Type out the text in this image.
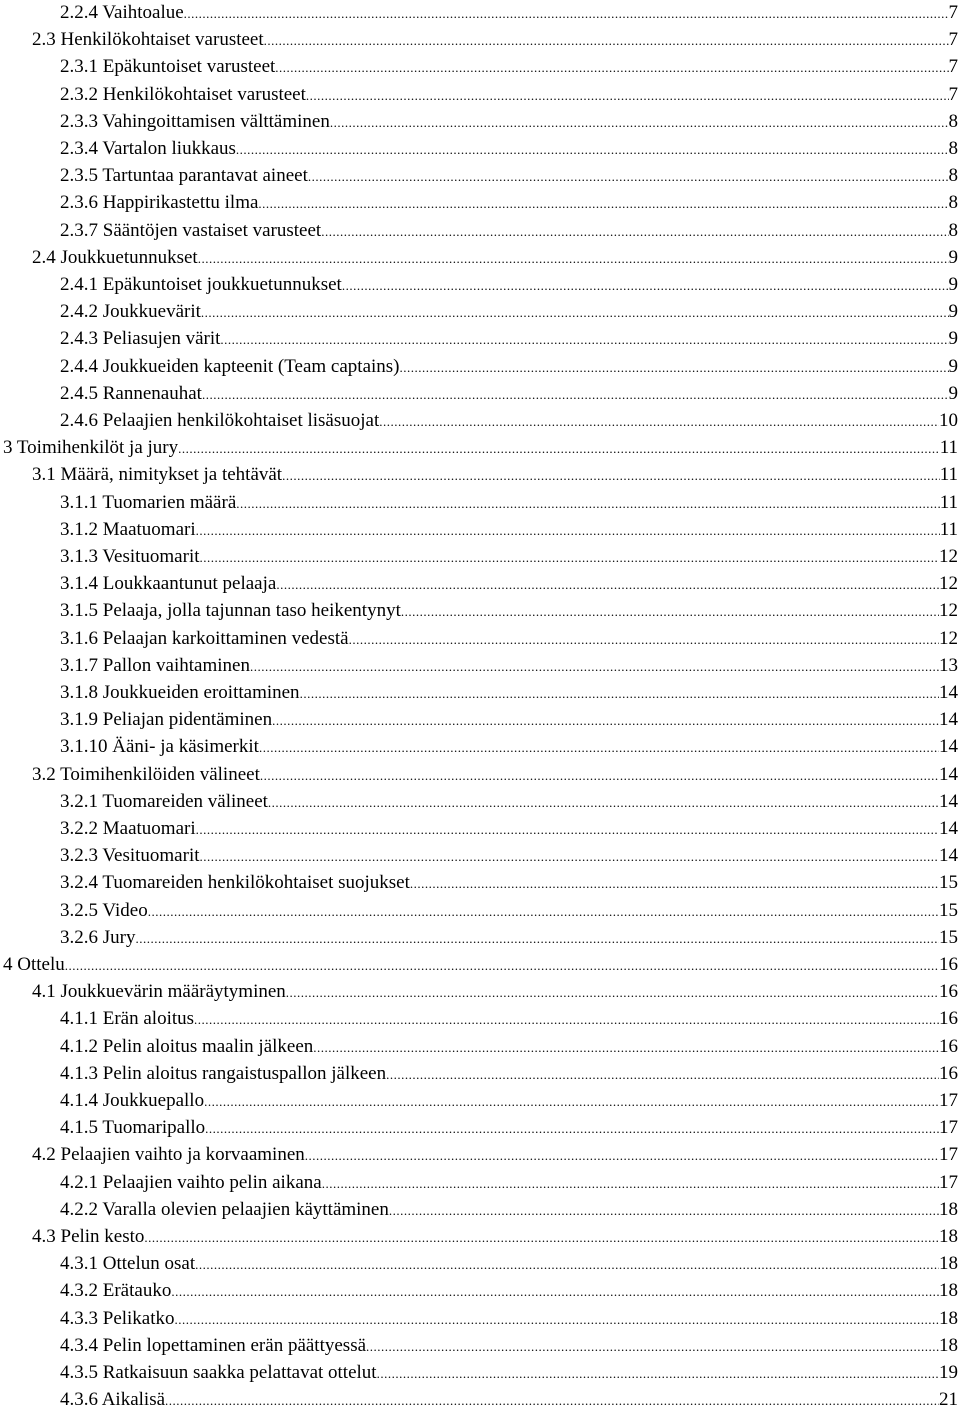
2.2.4 Vaihtoalue .....	7
2.3 Henkilökohtaiset varusteet .....	7
2.3.1 Epäkuntoiset varusteet .....	7
2.3.2 Henkilökohtaiset varusteet .....	7
2.3.3 Vahingoittamisen välttäminen .....	8
2.3.4 Vartalon liukkaus .....	8
2.3.5 Tartuntaa parantavat aineet .....	8
2.3.6 Happirikastettu ilma .....	8
2.3.7 Sääntöjen vastaiset varusteet .....	8
2.4 Joukkuetunnukset .....	9
2.4.1 Epäkuntoiset joukkuetunnukset .....	9
2.4.2 Joukkuevärit .....	9
2.4.3 Peliasujen värit .....	9
2.4.4 Joukkueiden kapteenit (Team captains) .....	9
2.4.5 Rannenauhat .....	9
2.4.6 Pelaajien henkilökohtaiset lisäsuojat .....	10
3 Toimihenkilöt ja jury .....	11
3.1 Määrä, nimitykset ja tehtävät .....	11
3.1.1 Tuomarien määrä .....	11
3.1.2 Maatuomari .....	11
3.1.3 Vesituomarit .....	12
3.1.4 Loukkaantunut pelaaja .....	12
3.1.5 Pelaaja, jolla tajunnan taso heikentynyt .....	12
3.1.6 Pelaajan karkoittaminen vedestä .....	12
3.1.7 Pallon vaihtaminen .....	13
3.1.8 Joukkueiden eroittaminen .....	14
3.1.9 Peliajan pidentäminen .....	14
3.1.10 Ääni- ja käsimerkit .....	14
3.2 Toimihenkilöiden välineet .....	14
3.2.1 Tuomareiden välineet .....	14
3.2.2 Maatuomari .....	14
3.2.3 Vesituomarit .....	14
3.2.4 Tuomareiden henkilökohtaiset suojukset .....	15
3.2.5 Video .....	15
3.2.6 Jury .....	15
4 Ottelu .....	16
4.1 Joukkuevärin määräytyminen .....	16
4.1.1 Erän aloitus .....	16
4.1.2 Pelin aloitus maalin jälkeen .....	16
4.1.3 Pelin aloitus rangaistuspallon jälkeen .....	16
4.1.4 Joukkuepallo .....	17
4.1.5 Tuomaripallo .....	17
4.2 Pelaajien vaihto ja korvaaminen .....	17
4.2.1 Pelaajien vaihto pelin aikana .....	17
4.2.2 Varalla olevien pelaajien käyttäminen .....	18
4.3 Pelin kesto .....	18
4.3.1 Ottelun osat .....	18
4.3.2 Erätauko .....	18
4.3.3 Pelikatko .....	18
4.3.4 Pelin lopettaminen erän päättyessä .....	18
4.3.5 Ratkaisuun saakka pelattavat ottelut .....	19
4.3.6 Aikalisä .....	21
